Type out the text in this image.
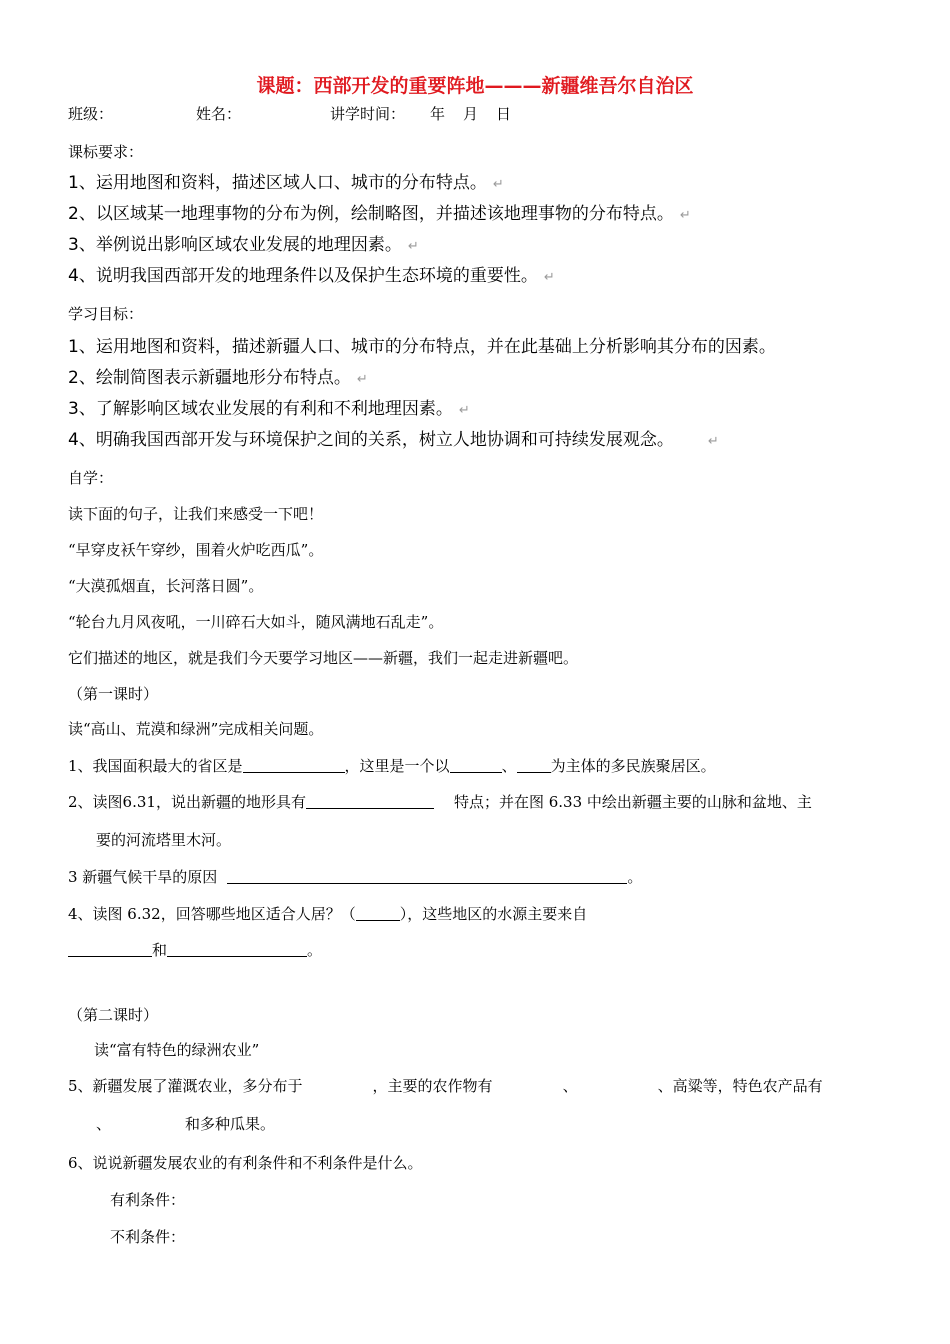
课题：西部开发的重要阵地———新疆维吾尔自治区
班级：	姓名：	讲学时间： 年 月 日
课标要求：
1、运用地图和资料，描述区域人口、城市的分布特点。 ↵
2、以区域某一地理事物的分布为例，绘制略图，并描述该地理事物的分布特点。 ↵
3、举例说出影响区域农业发展的地理因素。 ↵
4、说明我国西部开发的地理条件以及保护生态环境的重要性。 ↵
学习目标：
1、运用地图和资料，描述新疆人口、城市的分布特点，并在此基础上分析影响其分布的因素。
2、绘制简图表示新疆地形分布特点。 ↵
3、了解影响区域农业发展的有利和不利地理因素。 ↵
4、明确我国西部开发与环境保护之间的关系，树立人地协调和可持续发展观念。	↵
自学：
读下面的句子，让我们来感受一下吧！
“早穿皮袄午穿纱，围着火炉吃西瓜”。
“大漠孤烟直，长河落日圆”。
“轮台九月风夜吼，一川碎石大如斗，随风满地石乱走”。
它们描述的地区，就是我们今天要学习地区——新疆，我们一起走进新疆吧。
（第一课时）
读“高山、荒漠和绿洲”完成相关问题。
1、我国面积最大的省区是	，这里是一个以	、 为主体的多民族聚居区。
2、读图6.31，说出新疆的地形具有	特点；并在图 6.33 中绘出新疆主要的山脉和盆地、主
要的河流塔里木河。
3 新疆气候干旱的原因	。
4、读图 6.32，回答哪些地区适合人居？（	），这些地区的水源主要来自
和	。
（第二课时）
读“富有特色的绿洲农业”
5、新疆发展了灌溉农业，多分布于	，主要的农作物有	、	、高粱等，特色农产品有
、	和多种瓜果。
6、说说新疆发展农业的有利条件和不利条件是什么。
有利条件：
不利条件：
